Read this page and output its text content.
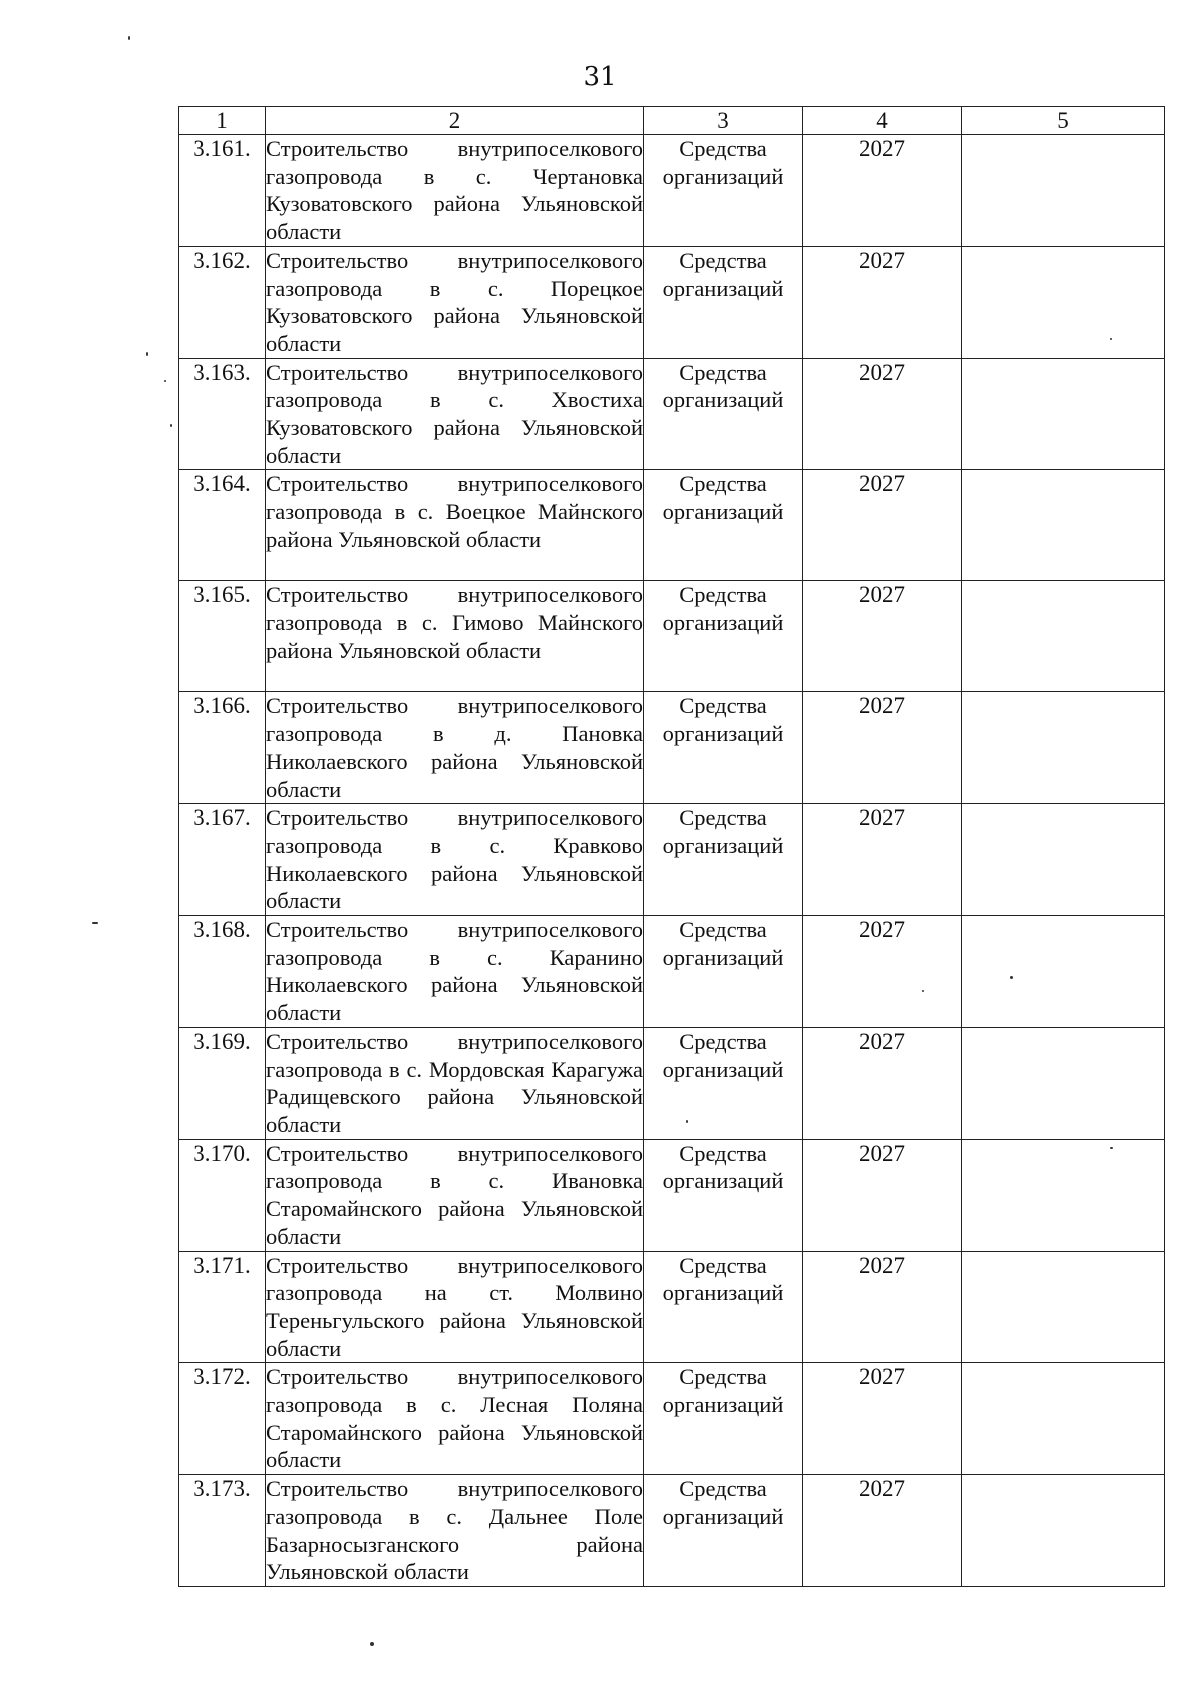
31
1	2	3	4	5
3.161.	Строительство внутрипоселкового газопровода в с. Чертановка Кузоватовского района Ульяновской области	Средства организаций	2027	
3.162.	Строительство внутрипоселкового газопровода в с. Порецкое Кузоватовского района Ульяновской области	Средства организаций	2027	
3.163.	Строительство внутрипоселкового газопровода в с. Хвостиха Кузоватовского района Ульяновской области	Средства организаций	2027	
3.164.	Строительство внутрипоселкового газопровода в с. Воецкое Майнского района Ульяновской области	Средства организаций	2027	
3.165.	Строительство внутрипоселкового газопровода в с. Гимово Майнского района Ульяновской области	Средства организаций	2027	
3.166.	Строительство внутрипоселкового газопровода в д. Пановка Николаевского района Ульяновской области	Средства организаций	2027	
3.167.	Строительство внутрипоселкового газопровода в с. Кравково Николаевского района Ульяновской области	Средства организаций	2027	
3.168.	Строительство внутрипоселкового газопровода в с. Каранино Николаевского района Ульяновской области	Средства организаций	2027	
3.169.	Строительство внутрипоселкового газопровода в с. Мордовская Карагужа Радищевского района Ульяновской области	Средства организаций	2027	
3.170.	Строительство внутрипоселкового газопровода в с. Ивановка Старомайнского района Ульяновской области	Средства организаций	2027	
3.171.	Строительство внутрипоселкового газопровода на ст. Молвино Тереньгульского района Ульяновской области	Средства организаций	2027	
3.172.	Строительство внутрипоселкового газопровода в с. Лесная Поляна Старомайнского района Ульяновской области	Средства организаций	2027	
3.173.	Строительство внутрипоселкового газопровода в с. Дальнее Поле Базарносызганского района Ульяновской области	Средства организаций	2027	
